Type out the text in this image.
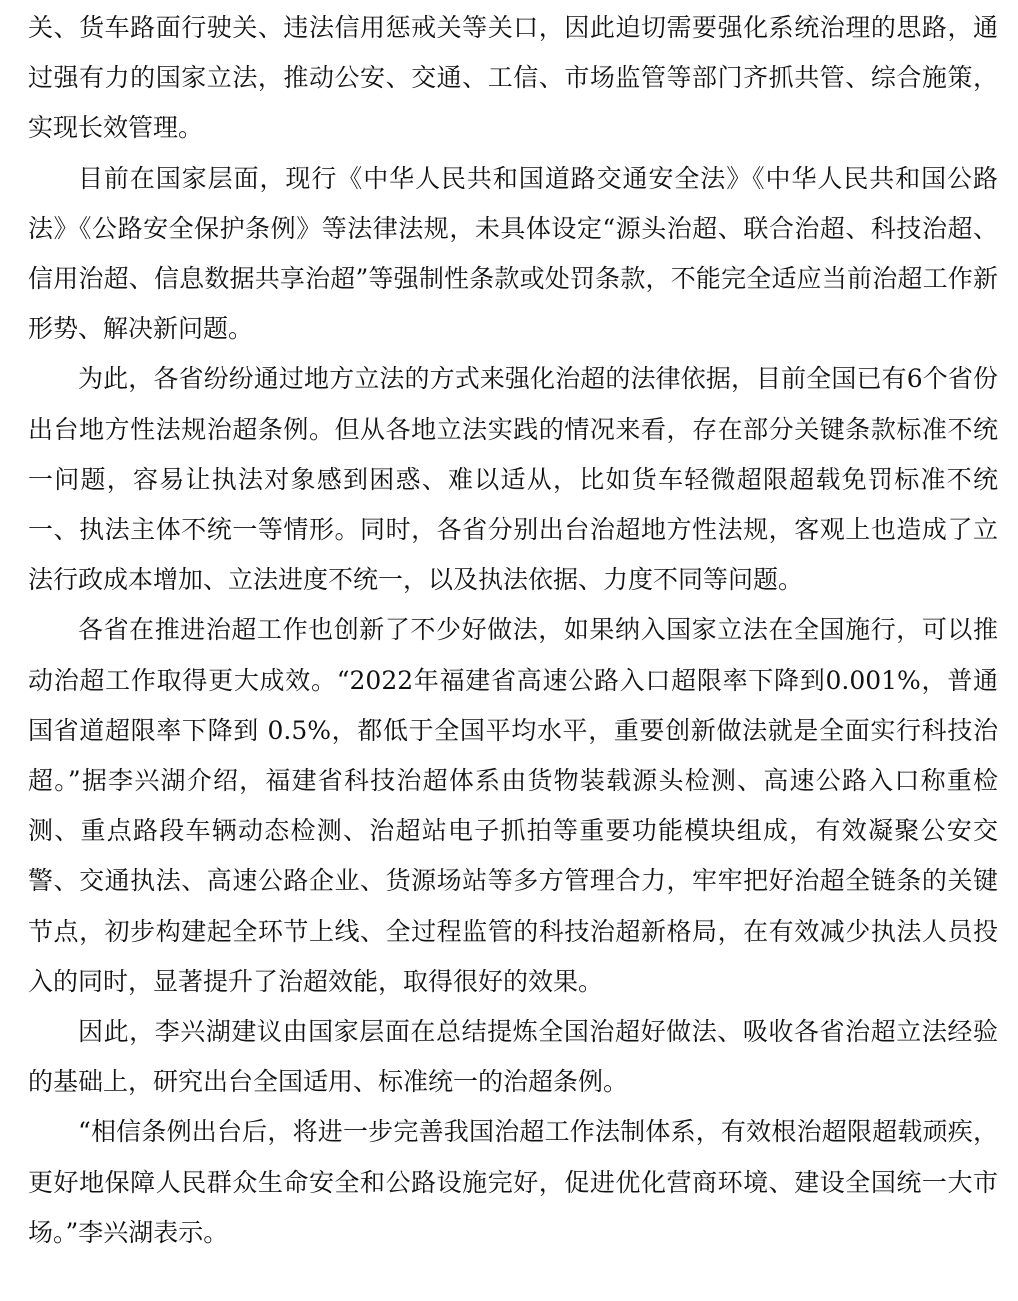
关、货车路面行驶关、违法信用惩戒关等关口，因此迫切需要强化系统治理的思路，通过强有力的国家立法，推动公安、交通、工信、市场监管等部门齐抓共管、综合施策，实现长效管理。

目前在国家层面，现行《中华人民共和国道路交通安全法》《中华人民共和国公路法》《公路安全保护条例》等法律法规，未具体设定“源头治超、联合治超、科技治超、信用治超、信息数据共享治超”等强制性条款或处罚条款，不能完全适应当前治超工作新形势、解决新问题。

为此，各省纷纷通过地方立法的方式来强化治超的法律依据，目前全国已有6个省份出台地方性法规治超条例。但从各地立法实践的情况来看，存在部分关键条款标准不统一问题，容易让执法对象感到困惑、难以适从，比如货车轻微超限超载免罚标准不统一、执法主体不统一等情形。同时，各省分别出台治超地方性法规，客观上也造成了立法行政成本增加、立法进度不统一，以及执法依据、力度不同等问题。

各省在推进治超工作也创新了不少好做法，如果纳入国家立法在全国施行，可以推动治超工作取得更大成效。“2022年福建省高速公路入口超限率下降到0.001%，普通国省道超限率下降到 0.5%，都低于全国平均水平，重要创新做法就是全面实行科技治超。”据李兴湖介绍，福建省科技治超体系由货物装载源头检测、高速公路入口称重检测、重点路段车辆动态检测、治超站电子抓拍等重要功能模块组成，有效凝聚公安交警、交通执法、高速公路企业、货源场站等多方管理合力，牢牢把好治超全链条的关键节点，初步构建起全环节上线、全过程监管的科技治超新格局，在有效减少执法人员投入的同时，显著提升了治超效能，取得很好的效果。

因此，李兴湖建议由国家层面在总结提炼全国治超好做法、吸收各省治超立法经验的基础上，研究出台全国适用、标准统一的治超条例。

“相信条例出台后，将进一步完善我国治超工作法制体系，有效根治超限超载顽疾，更好地保障人民群众生命安全和公路设施完好，促进优化营商环境、建设全国统一大市场。”李兴湖表示。
